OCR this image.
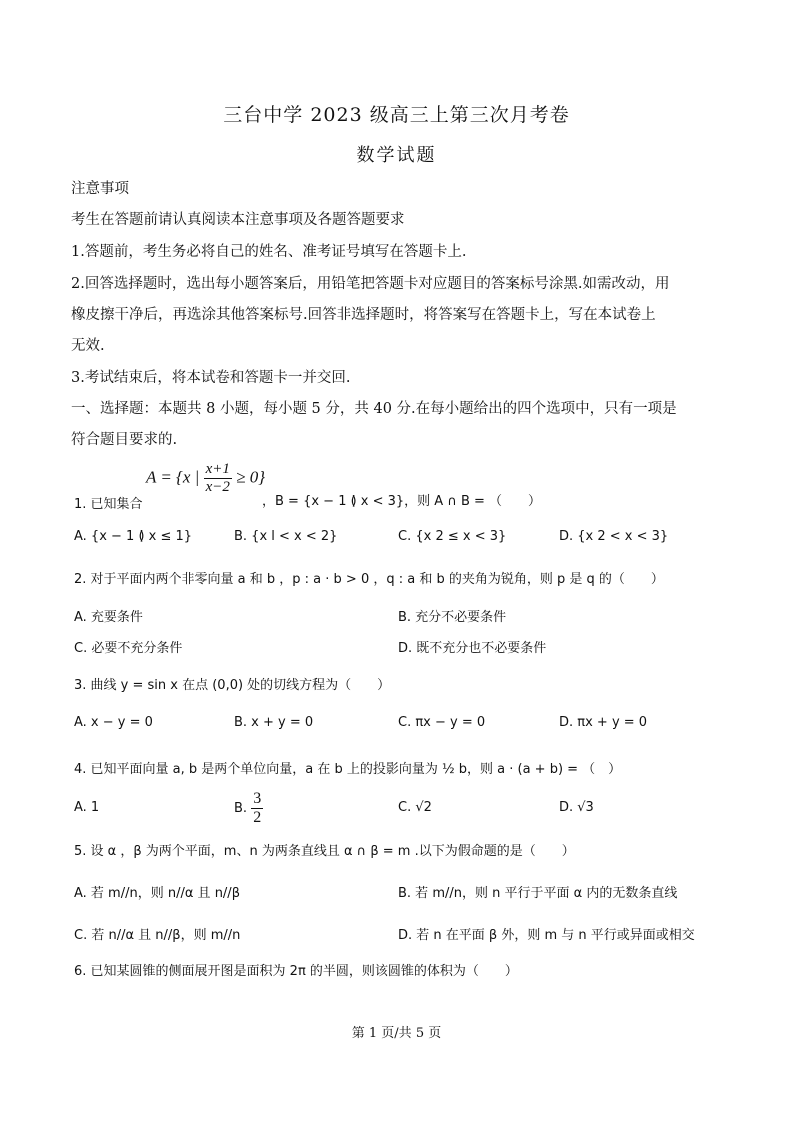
三台中学 2023 级高三上第三次月考卷
数学试题
注意事项
考生在答题前请认真阅读本注意事项及各题答题要求
1.答题前，考生务必将自己的姓名、准考证号填写在答题卡上.
2.回答选择题时，选出每小题答案后，用铅笔把答题卡对应题目的答案标号涂黑.如需改动，用
橡皮擦干净后，再选涂其他答案标号.回答非选择题时，将答案写在答题卡上，写在本试卷上
无效.
3.考试结束后，将本试卷和答题卡一并交回.
一、选择题：本题共 8 小题，每小题 5 分，共 40 分.在每小题给出的四个选项中，只有一项是
符合题目要求的.
1. 已知集合
A = {x | $\frac{x+1}{x-2} \ge 0$}
，B = {x − 1 ≬ x < 3}，则 A ∩ B = （　　）
A. {x − 1 ≬ x ≤ 1}	B. {x l < x < 2}	C. {x 2 ≤ x < 3}	D. {x 2 < x < 3}
2. 对于平面内两个非零向量 a 和 b ，p : a · b > 0 ，q : a 和 b 的夹角为锐角，则 p 是 q 的（　　）
A. 充要条件	B. 充分不必要条件
C. 必要不充分条件	D. 既不充分也不必要条件
3. 曲线 y = sin x 在点 (0,0) 处的切线方程为（　　）
A. x − y = 0	B. x + y = 0	C. πx − y = 0	D. πx + y = 0
4. 已知平面向量 a, b 是两个单位向量，a 在 b 上的投影向量为 ½ b，则 a · (a + b) = （　）
A. 1	B. $\frac{3}{2}$	C. √2	D. √3
5. 设 α ，β 为两个平面，m、n 为两条直线且 α ∩ β = m .以下为假命题的是（　　）
A. 若 m//n，则 n//α 且 n//β	B. 若 m//n，则 n 平行于平面 α 内的无数条直线
C. 若 n//α 且 n//β，则 m//n	D. 若 n 在平面 β 外，则 m 与 n 平行或异面或相交
6. 已知某圆锥的侧面展开图是面积为 2π 的半圆，则该圆锥的体积为（　　）
第 1 页/共 5 页
